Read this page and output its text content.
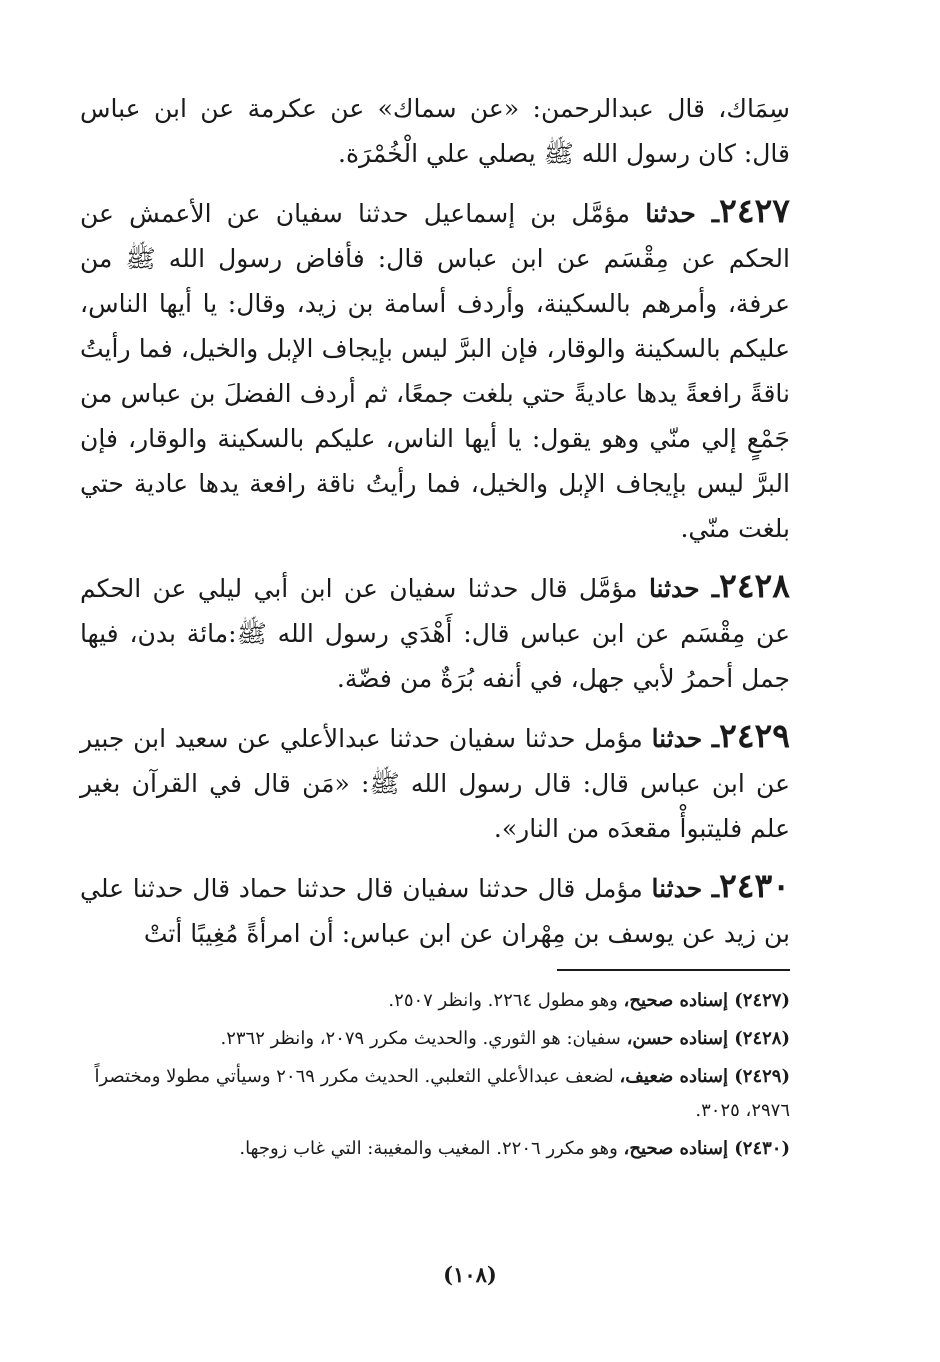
سِمَاك، قال عبدالرحمن: «عن سماك» عن عكرمة عن ابن عباس قال: كان رسول الله ﷺ يصلي علي الْخُمْرَة.

٢٤٢٧ـ حدثنا مؤمَّل بن إسماعيل حدثنا سفيان عن الأعمش عن الحكم عن مِقْسَم عن ابن عباس قال: فأفاض رسول الله ﷺ من عرفة، وأمرهم بالسكينة، وأردف أسامة بن زيد، وقال: يا أيها الناس، عليكم بالسكينة والوقار، فإن البرَّ ليس بإيجاف الإبل والخيل، فما رأيتُ ناقةً رافعةً يدها عاديةً حتي بلغت جمعًا، ثم أردف الفضلَ بن عباس من جَمْعٍ إلي منّي وهو يقول: يا أيها الناس، عليكم بالسكينة والوقار، فإن البرَّ ليس بإيجاف الإبل والخيل، فما رأيتُ ناقة رافعة يدها عادية حتي بلغت منّي.

٢٤٢٨ـ حدثنا مؤمَّل قال حدثنا سفيان عن ابن أبي ليلي عن الحكم عن مِقْسَم عن ابن عباس قال: أَهْدَي رسول الله ﷺ:مائة بدن، فيها جمل أحمرُ لأبي جهل، في أنفه بُرَةٌ من فضّة.

٢٤٢٩ـ حدثنا مؤمل حدثنا سفيان حدثنا عبدالأعلي عن سعيد ابن جبير عن ابن عباس قال: قال رسول الله ﷺ: «مَن قال في القرآن بغير علم فليتبوأْ مقعدَه من النار».

٢٤٣٠ـ حدثنا مؤمل قال حدثنا سفيان قال حدثنا حماد قال حدثنا علي بن زيد عن يوسف بن مِهْران عن ابن عباس: أن امرأةً مُغِيبًا أتتْ

(٢٤٢٧) إسناده صحيح، وهو مطول ٢٢٦٤. وانظر ٢٥٠٧.

(٢٤٢٨) إسناده حسن، سفيان: هو الثوري. والحديث مكرر ٢٠٧٩، وانظر ٢٣٦٢.

(٢٤٢٩) إسناده ضعيف، لضعف عبدالأعلي الثعلبي. الحديث مكرر ٢٠٦٩ وسيأتي مطولا ومختصراً ٢٩٧٦، ٣٠٢٥.

(٢٤٣٠) إسناده صحيح، وهو مكرر ٢٢٠٦. المغيب والمغيبة: التي غاب زوجها.

(١٠٨)
